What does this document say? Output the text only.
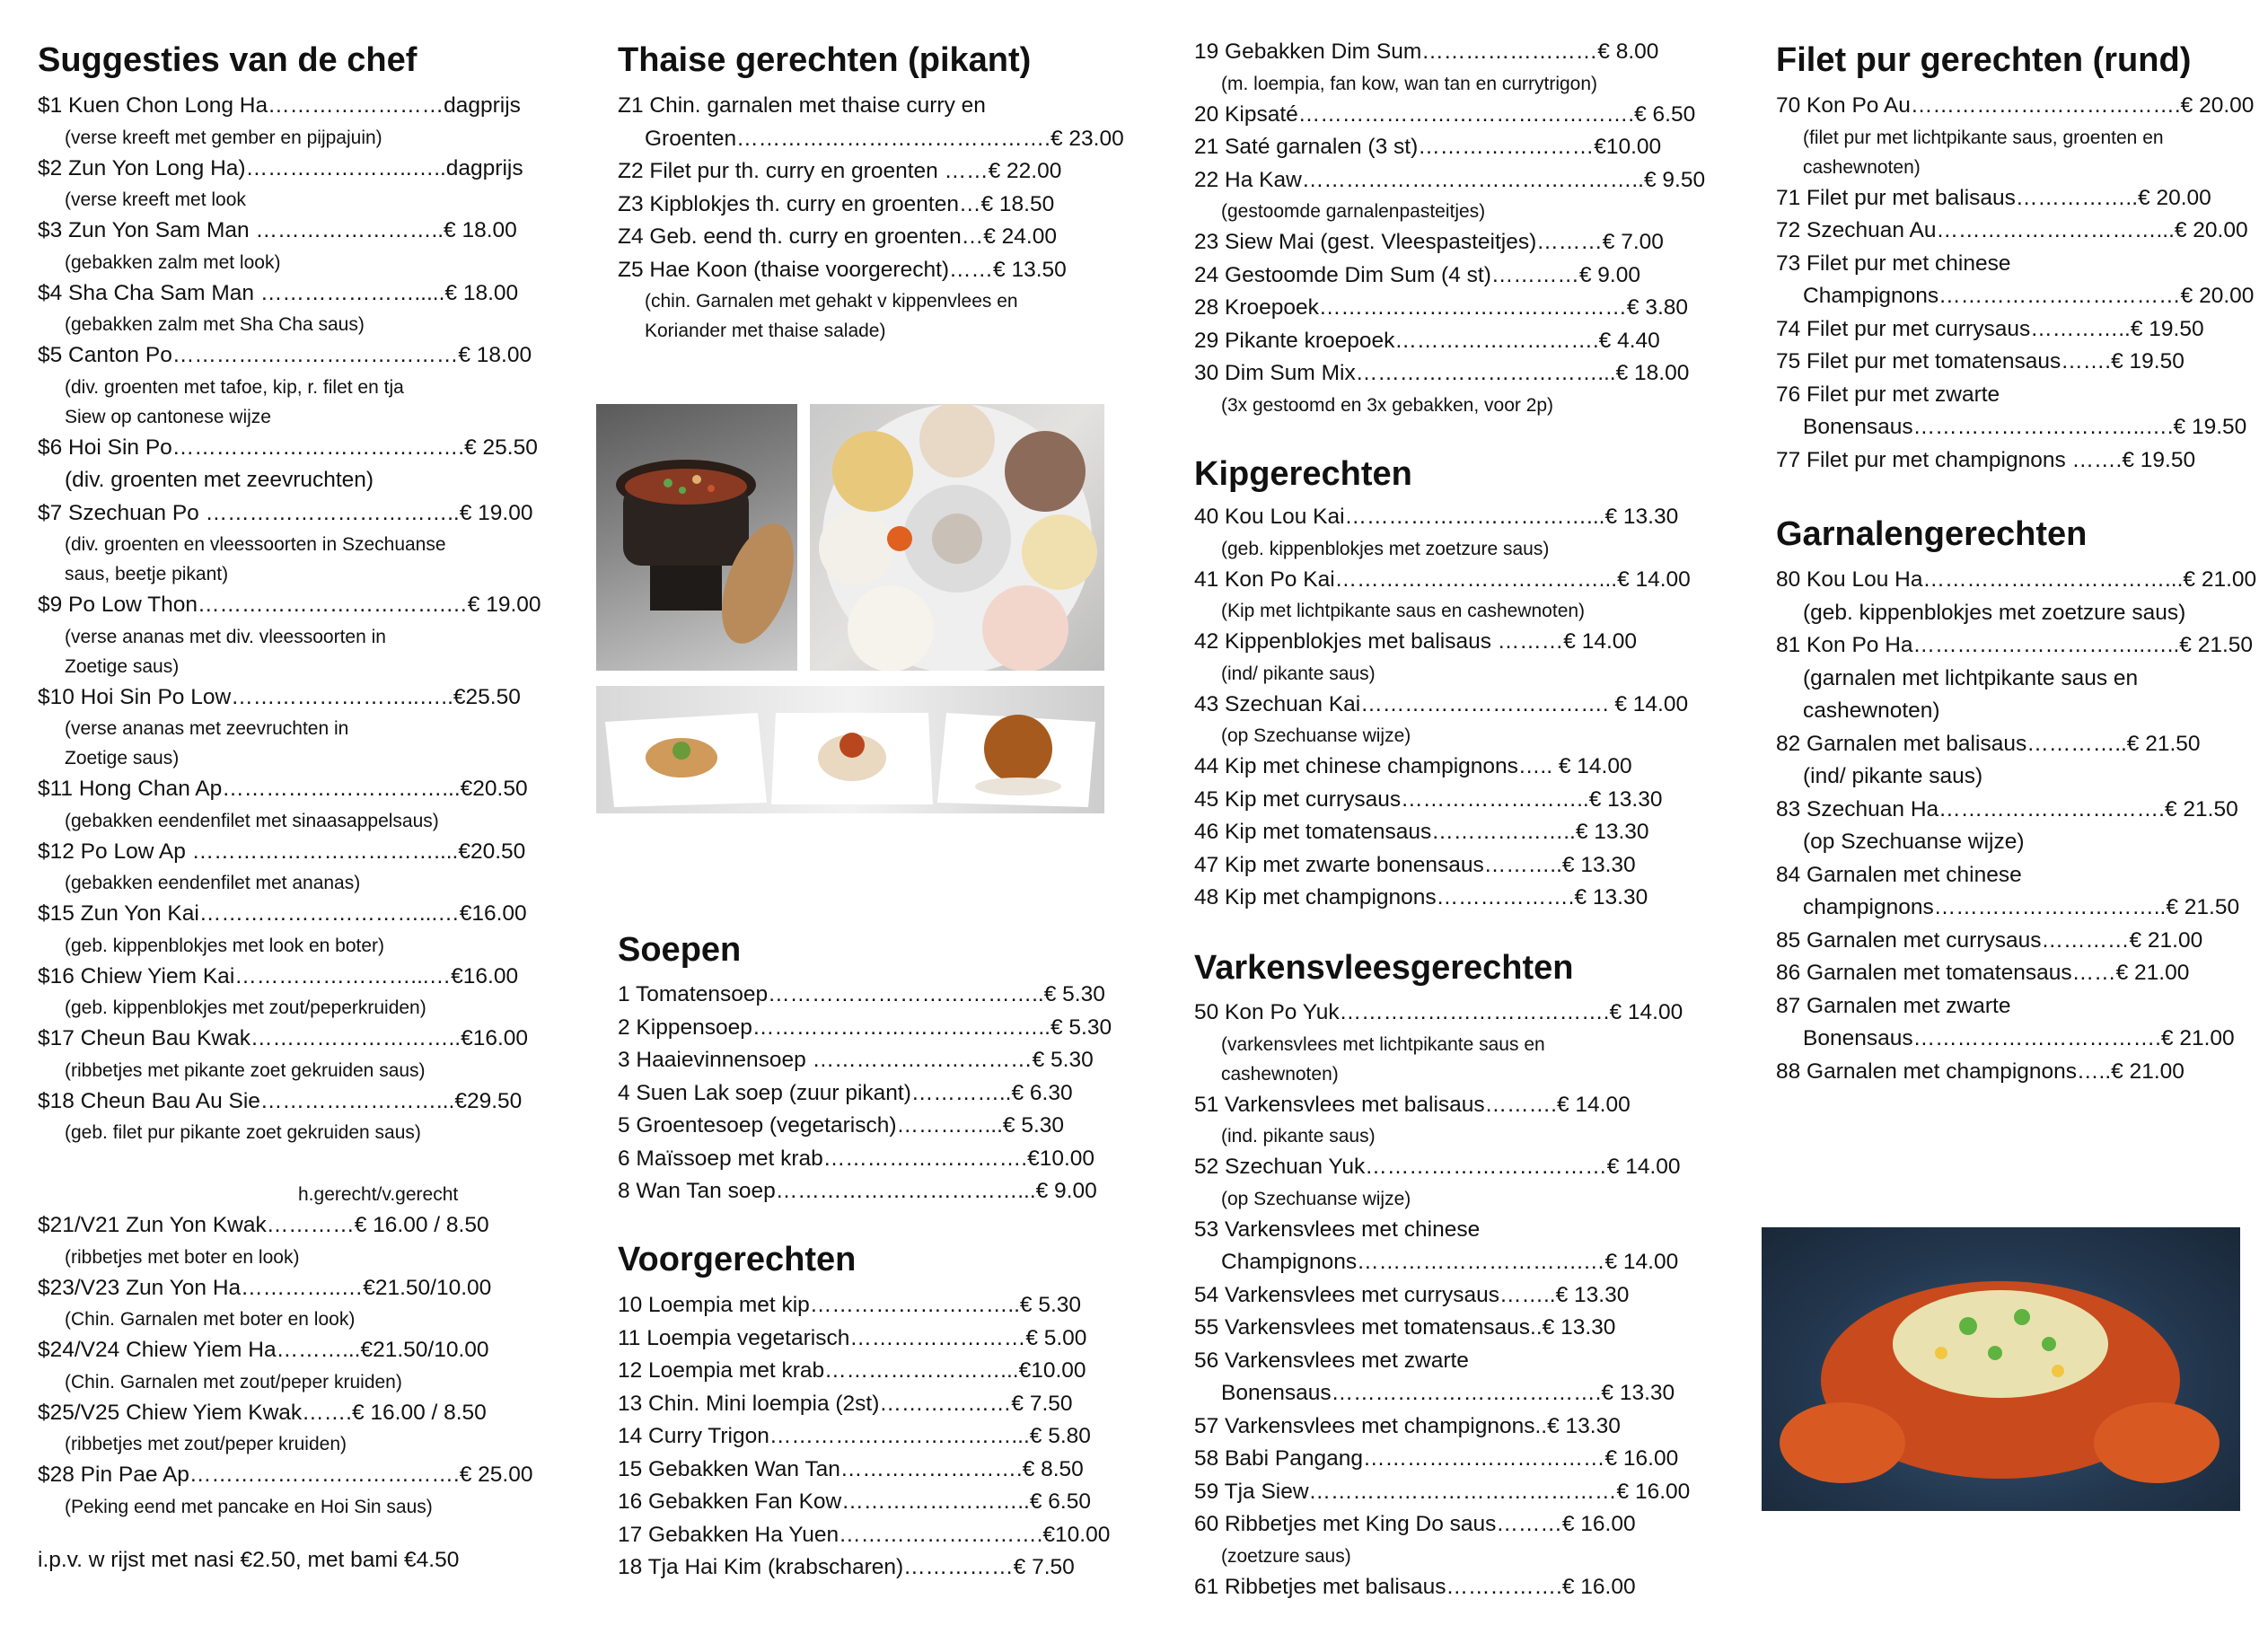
Suggesties van de chef
$1 Kuen Chon Long Ha……………………dagprijs
(verse kreeft met gember en pijpajuin)
$2 Zun Yon Long Ha)…………………..…..dagprijs
(verse kreeft met look
$3 Zun Yon Sam Man ……………………..€ 18.00
(gebakken zalm met look)
$4 Sha Cha Sam Man ………………….....€ 18.00
(gebakken zalm met Sha Cha saus)
$5 Canton Po…………………………………€ 18.00
(div. groenten met tafoe, kip, r. filet en tja
Siew op cantonese wijze
$6 Hoi Sin Po………………………………….€ 25.50
(div. groenten met zeevruchten)
$7 Szechuan Po ……………………………..€ 19.00
(div. groenten en vleessoorten in Szechuanse
saus, beetje pikant)
$9 Po Low Thon…………………………….…€ 19.00
(verse ananas met div. vleessoorten in
Zoetige saus)
$10 Hoi Sin Po Low……………………..…..€25.50
(verse ananas met zeevruchten in
Zoetige saus)
$11 Hong Chan Ap…………………………...€20.50
(gebakken eendenfilet met sinaasappelsaus)
$12 Po Low Ap ……………………………....€20.50
(gebakken eendenfilet met ananas)
$15 Zun Yon Kai…………………………...…€16.00
(geb. kippenblokjes met look en boter)
$16 Chiew Yiem Kai……………………...…€16.00
(geb. kippenblokjes met zout/peperkruiden)
$17 Cheun Bau Kwak………………………..€16.00
(ribbetjes met pikante zoet gekruiden saus)
$18 Cheun Bau Au Sie……………………...€29.50
(geb. filet pur pikante zoet gekruiden saus)
h.gerecht/v.gerecht
$21/V21 Zun Yon Kwak…………€ 16.00 / 8.50
(ribbetjes met boter en look)
$23/V23 Zun Yon Ha…………..…€21.50/10.00
(Chin. Garnalen met boter en look)
$24/V24 Chiew Yiem Ha………...€21.50/10.00
(Chin. Garnalen met zout/peper kruiden)
$25/V25 Chiew Yiem Kwak…….€ 16.00 / 8.50
(ribbetjes met zout/peper kruiden)
$28 Pin Pae Ap……………………………….€ 25.00
(Peking eend met pancake en Hoi Sin saus)
i.p.v. w rijst met nasi €2.50, met bami €4.50
Thaise gerechten (pikant)
Z1 Chin. garnalen met thaise curry en
Groenten…………………………………….€ 23.00
Z2 Filet pur th. curry en groenten ……€ 22.00
Z3 Kipblokjes th. curry en groenten…€ 18.50
Z4 Geb. eend th. curry en groenten…€ 24.00
Z5 Hae Koon (thaise voorgerecht)……€ 13.50
(chin. Garnalen met gehakt v kippenvlees en
Koriander met thaise salade)
Soepen
1 Tomatensoep………………………………..€ 5.30
2 Kippensoep…………………………………..€ 5.30
3 Haaievinnensoep …………………………€ 5.30
4 Suen Lak soep (zuur pikant)…………..€ 6.30
5 Groentesoep (vegetarisch)…………...€ 5.30
6 Maïssoep met krab……………………….€10.00
8 Wan Tan soep……………………………...€ 9.00
Voorgerechten
10 Loempia met kip………………………..€ 5.30
11 Loempia vegetarisch……………………€ 5.00
12 Loempia met krab……………………...€10.00
13 Chin. Mini loempia (2st)………………€ 7.50
14 Curry Trigon……………………………...€ 5.80
15 Gebakken Wan Tan…………………….€ 8.50
16 Gebakken Fan Kow……………………..€ 6.50
17 Gebakken Ha Yuen……………………….€10.00
18 Tja Hai Kim (krabscharen)……………€ 7.50
19 Gebakken Dim Sum……………………€ 8.00
(m. loempia, fan kow, wan tan en currytrigon)
20 Kipsaté……………………………………….€ 6.50
21 Saté garnalen (3 st)……………………€10.00
22 Ha Kaw………………………………………..€ 9.50
(gestoomde garnalenpasteitjes)
23 Siew Mai (gest. Vleespasteitjes)………€ 7.00
24 Gestoomde Dim Sum (4 st)…………€ 9.00
28 Kroepoek……………………………………€ 3.80
29 Pikante kroepoek……………………….€ 4.40
30 Dim Sum Mix……………………………...€ 18.00
(3x gestoomd en 3x gebakken, voor 2p)
Kipgerechten
40 Kou Lou Kai……………………………...€ 13.30
(geb. kippenblokjes met zoetzure saus)
41 Kon Po Kai………………………………...€ 14.00
(Kip met lichtpikante saus en cashewnoten)
42 Kippenblokjes met balisaus ………€ 14.00
(ind/ pikante saus)
43 Szechuan Kai……………………………. € 14.00
(op Szechuanse wijze)
44 Kip met chinese champignons….. € 14.00
45 Kip met currysaus……………………..€ 13.30
46 Kip met tomatensaus………………..€ 13.30
47 Kip met zwarte bonensaus………..€ 13.30
48 Kip met champignons……………….€ 13.30
Varkensvleesgerechten
50 Kon Po Yuk……………………………….€ 14.00
(varkensvlees met lichtpikante saus en
cashewnoten)
51 Varkensvlees met balisaus……….€ 14.00
(ind. pikante saus)
52 Szechuan Yuk……………………………€ 14.00
(op Szechuanse wijze)
53 Varkensvlees met chinese
Champignons………………………….…€ 14.00
54 Varkensvlees met currysaus……..€ 13.30
55 Varkensvlees met tomatensaus..€ 13.30
56 Varkensvlees met zwarte
Bonensaus……………………………….€ 13.30
57 Varkensvlees met champignons..€ 13.30
58 Babi Pangang……………………………€ 16.00
59 Tja Siew……………………………………€ 16.00
60 Ribbetjes met King Do saus………€ 16.00
(zoetzure saus)
61 Ribbetjes met balisaus…………….€ 16.00
Filet pur gerechten (rund)
70 Kon Po Au……………………………….€ 20.00
(filet pur met lichtpikante saus, groenten en
cashewnoten)
71 Filet pur met balisaus……………..€ 20.00
72 Szechuan Au…………………………...€ 20.00
73 Filet pur met chinese
Champignons……………………………€ 20.00
74 Filet pur met currysaus…………..€ 19.50
75 Filet pur met tomatensaus…….€ 19.50
76 Filet pur met zwarte
Bonensaus…………………………..….€ 19.50
77 Filet pur met champignons …….€ 19.50
Garnalengerechten
80 Kou Lou Ha……………………………...€ 21.00
(geb. kippenblokjes met zoetzure saus)
81 Kon Po Ha…………………………..…..€ 21.50
(garnalen met lichtpikante saus en
cashewnoten)
82 Garnalen met balisaus…………..€ 21.50
(ind/ pikante saus)
83 Szechuan Ha………………………….€ 21.50
(op Szechuanse wijze)
84 Garnalen met chinese
champignons…………………………..€ 21.50
85 Garnalen met currysaus…………€ 21.00
86 Garnalen met tomatensaus……€ 21.00
87 Garnalen met zwarte
Bonensaus…………………………….€ 21.00
88 Garnalen met champignons…..€ 21.00
